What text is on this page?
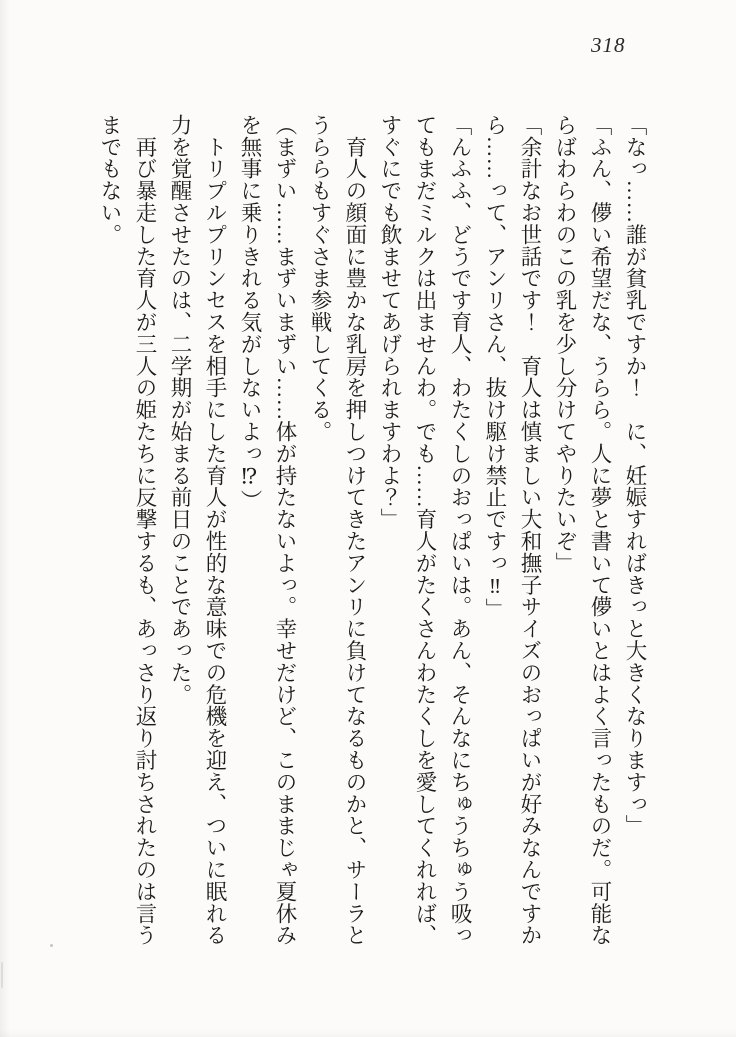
318

「なっ……誰が貧乳ですか！　に、妊娠すればきっと大きくなりますっ」

「ふん、儚い希望だな、うらら。人に夢と書いて儚いとはよく言ったものだ。可能な

らばわらわのこの乳を少し分けてやりたいぞ」

「余計なお世話です！　育人は慎ましい大和撫子サイズのおっぱいが好みなんですか

ら……って、アンリさん、抜け駆け禁止ですっ‼」

「んふふ、どうです育人、わたくしのおっぱいは。あん、そんなにちゅうちゅう吸っ

てもまだミルクは出ませんわ。でも……育人がたくさんわたくしを愛してくれれば、

すぐにでも飲ませてあげられますわよ？」

　育人の顔面に豊かな乳房を押しつけてきたアンリに負けてなるものかと、サーラと

うららもすぐさま参戦してくる。

（まずい……まずいまずい……体が持たないよっ。幸せだけど、このままじゃ夏休み

を無事に乗りきれる気がしないよっ⁉）

　トリプルプリンセスを相手にした育人が性的な意味での危機を迎え、ついに眠れる

力を覚醒させたのは、二学期が始まる前日のことであった。

　再び暴走した育人が三人の姫たちに反撃するも、あっさり返り討ちされたのは言う

までもない。
